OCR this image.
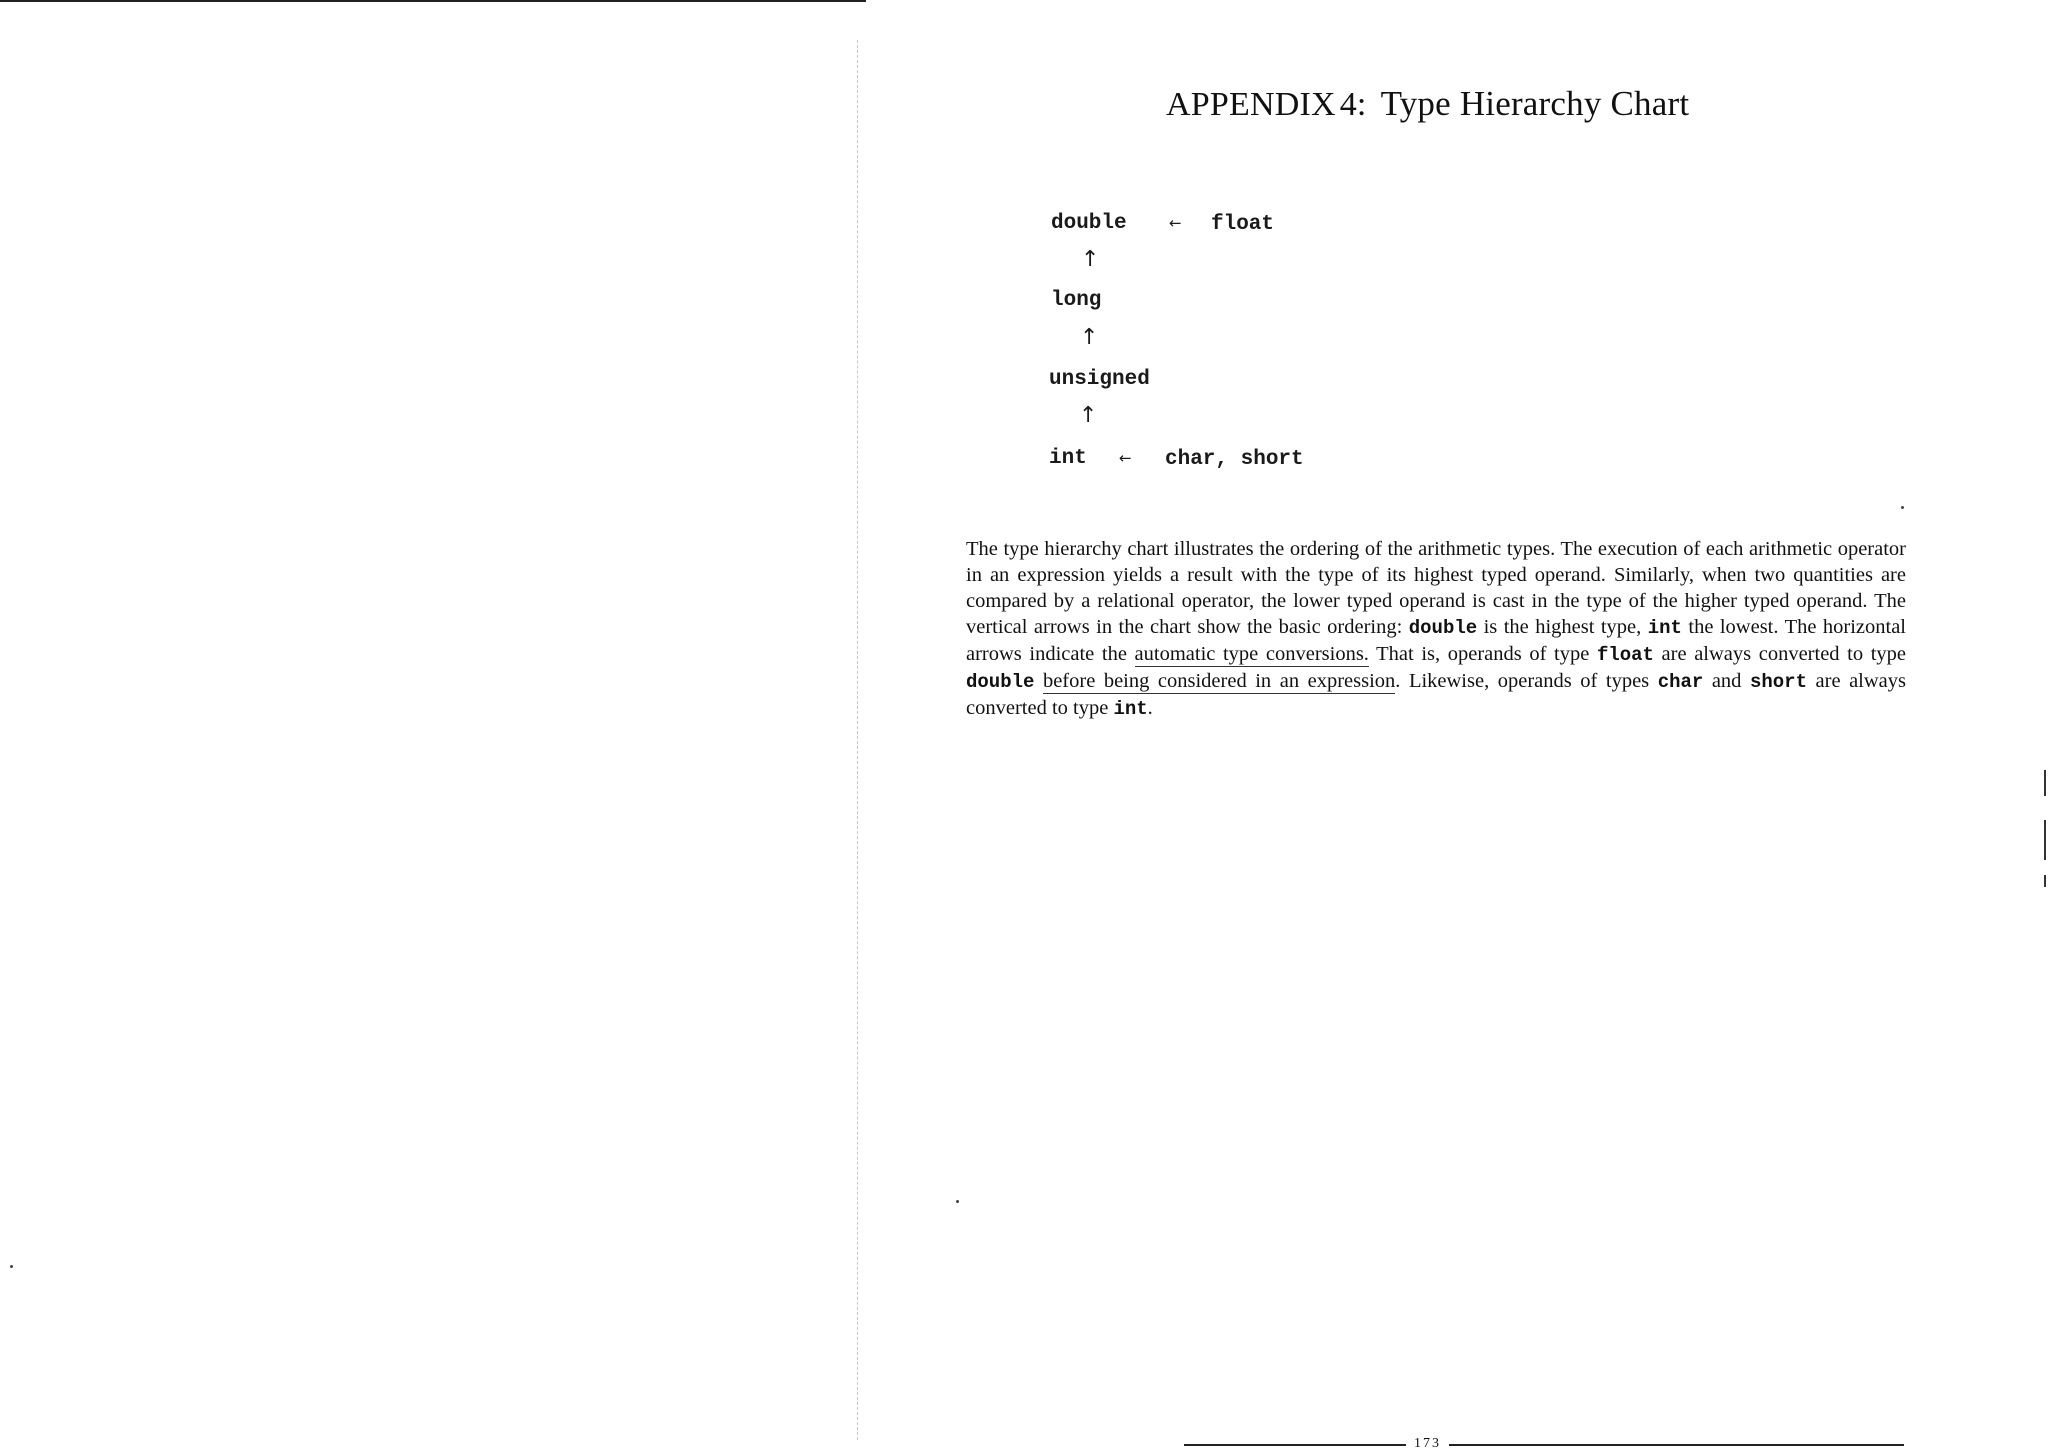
APPENDIX 4: Type Hierarchy Chart
double	← float
↑
long
↑
unsigned
↑
int ← char, short

The type hierarchy chart illustrates the ordering of the arithmetic types. The execution of each arithmetic operator in an expression yields a result with the type of its highest typed operand. Similarly, when two quantities are compared by a relational operator, the lower typed operand is cast in the type of the higher typed operand. The vertical arrows in the chart show the basic ordering: double is the highest type, int the lowest. The horizontal arrows indicate the automatic type conversions. That is, operands of type float are always converted to type double before being considered in an expression. Likewise, operands of types char and short are always converted to type int.

173
